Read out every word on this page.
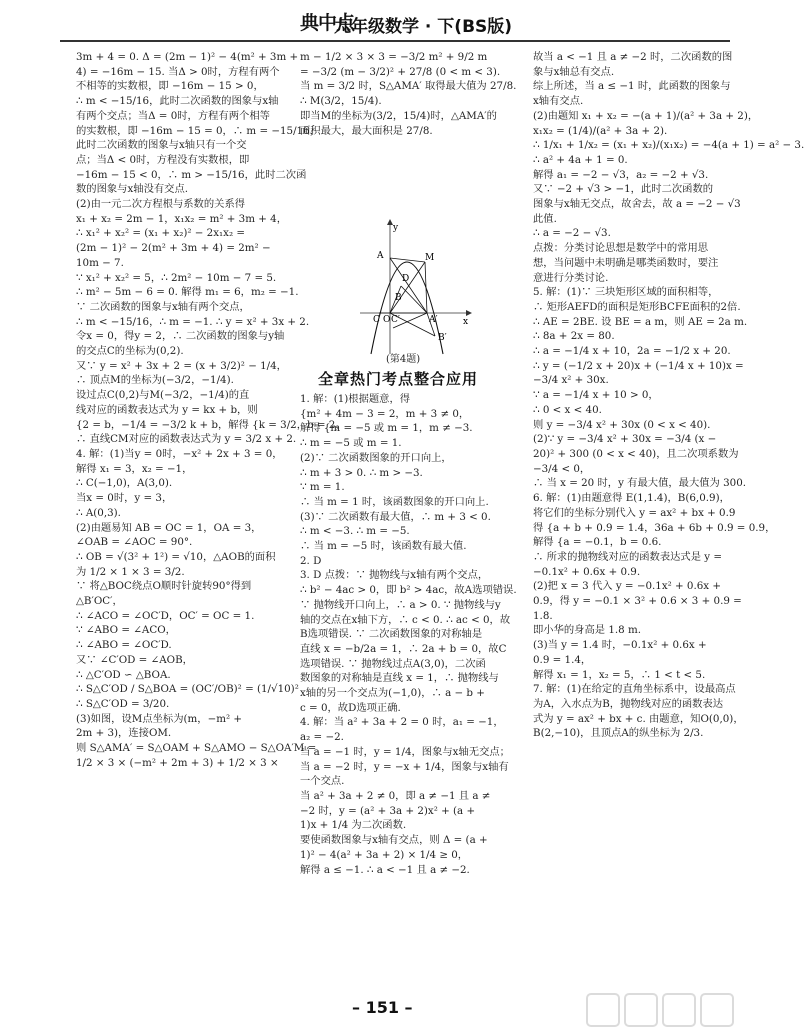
典中点
九年级数学 · 下(BS版)

3m + 4 = 0. Δ = (2m − 1)² − 4(m² + 3m +

4) = −16m − 15. 当Δ > 0时，方程有两个

不相等的实数根，即 −16m − 15 > 0，

∴ m < −15/16，此时二次函数的图象与x轴

有两个交点；当Δ = 0时，方程有两个相等

的实数根，即 −16m − 15 = 0，∴ m = −15/16，

此时二次函数的图象与x轴只有一个交

点；当Δ < 0时，方程没有实数根，即

−16m − 15 < 0，∴ m > −15/16，此时二次函

数的图象与x轴没有交点.

(2)由一元二次方程根与系数的关系得

x₁ + x₂ = 2m − 1，x₁x₂ = m² + 3m + 4，

∴ x₁² + x₂² = (x₁ + x₂)² − 2x₁x₂ =

(2m − 1)² − 2(m² + 3m + 4) = 2m² −

10m − 7.

∵ x₁² + x₂² = 5，∴ 2m² − 10m − 7 = 5.

∴ m² − 5m − 6 = 0. 解得 m₁ = 6，m₂ = −1.

∵ 二次函数的图象与x轴有两个交点，

∴ m < −15/16，∴ m = −1. ∴ y = x² + 3x + 2.

令x = 0，得y = 2，∴ 二次函数的图象与y轴

的交点C的坐标为(0,2).

又∵ y = x² + 3x + 2 = (x + 3/2)² − 1/4，

∴ 顶点M的坐标为(−3/2，−1/4).

设过点C(0,2)与M(−3/2，−1/4)的直

线对应的函数表达式为 y = kx + b，则

{2 = b，−1/4 = −3/2 k + b，解得 {k = 3/2，b = 2，

∴ 直线CM对应的函数表达式为 y = 3/2 x + 2.

4. 解：(1)当y = 0时，−x² + 2x + 3 = 0，

解得 x₁ = 3，x₂ = −1，

∴ C(−1,0)，A(3,0).

当x = 0时，y = 3，

∴ A(0,3).

(2)由题易知 AB = OC = 1，OA = 3，

∠OAB = ∠AOC = 90°.

∴ OB = √(3² + 1²) = √10，△AOB的面积

为 1/2 × 1 × 3 = 3/2.

∵ 将△BOC绕点O顺时针旋转90°得到

△B′OC′，

∴ ∠ACO = ∠OC′D，OC′ = OC = 1.

∵ ∠ABO = ∠ACO，

∴ ∠ABO = ∠OC′D.

又∵ ∠C′OD = ∠AOB，

∴ △C′OD ∽ △BOA.

∴ S△C′OD / S△BOA = (OC′/OB)² = (1/√10)²

∴ S△C′OD = 3/20.

(3)如图，设M点坐标为(m，−m² +

2m + 3)，连接OM.

则 S△AMA′ = S△OAM + S△AMO − S△OA′M =

1/2 × 3 × (−m² + 2m + 3) + 1/2 × 3 ×

m − 1/2 × 3 × 3 = −3/2 m² + 9/2 m

= −3/2 (m − 3/2)² + 27/8 (0 < m < 3).

当 m = 3/2 时，S△AMA′ 取得最大值为 27/8.

∴ M(3/2，15/4).

即当M的坐标为(3/2，15/4)时，△AMA′的

面积最大，最大面积是 27/8.

y
x
A	M
D
B
C O C′	A′
B′
(第4题)
全章热门考点整合应用

1. 解：(1)根据题意，得

{m² + 4m − 3 = 2，m + 3 ≠ 0，

解得 {m = −5 或 m = 1，m ≠ −3.

∴ m = −5 或 m = 1.

(2)∵ 二次函数图象的开口向上，

∴ m + 3 > 0. ∴ m > −3.

∵ m = 1.

∴ 当 m = 1 时，该函数图象的开口向上.

(3)∵ 二次函数有最大值，∴ m + 3 < 0.

∴ m < −3. ∴ m = −5.

∴ 当 m = −5 时，该函数有最大值.

2. D

3. D 点拨：∵ 抛物线与x轴有两个交点，

∴ b² − 4ac > 0，即 b² > 4ac，故A选项错误.

∵ 抛物线开口向上，∴ a > 0. ∵ 抛物线与y

轴的交点在x轴下方，∴ c < 0. ∴ ac < 0，故

B选项错误. ∵ 二次函数图象的对称轴是

直线 x = −b/2a = 1，∴ 2a + b = 0，故C

选项错误. ∵ 抛物线过点A(3,0)，二次函

数图象的对称轴是直线 x = 1，∴ 抛物线与

x轴的另一个交点为(−1,0)，∴ a − b +

c = 0，故D选项正确.

4. 解：当 a² + 3a + 2 = 0 时，a₁ = −1，

a₂ = −2.

当 a = −1 时，y = 1/4，图象与x轴无交点；

当 a = −2 时，y = −x + 1/4，图象与x轴有

一个交点.

当 a² + 3a + 2 ≠ 0，即 a ≠ −1 且 a ≠

−2 时，y = (a² + 3a + 2)x² + (a +

1)x + 1/4 为二次函数.

要使函数图象与x轴有交点，则 Δ = (a +

1)² − 4(a² + 3a + 2) × 1/4 ≥ 0，

解得 a ≤ −1. ∴ a < −1 且 a ≠ −2.

故当 a < −1 且 a ≠ −2 时，二次函数的图

象与x轴总有交点.

综上所述，当 a ≤ −1 时，此函数的图象与

x轴有交点.

(2)由题知 x₁ + x₂ = −(a + 1)/(a² + 3a + 2)，

x₁x₂ = (1/4)/(a² + 3a + 2).

∴ 1/x₁ + 1/x₂ = (x₁ + x₂)/(x₁x₂) = −4(a + 1) = a² − 3.

∴ a² + 4a + 1 = 0.

解得 a₁ = −2 − √3，a₂ = −2 + √3.

又∵ −2 + √3 > −1，此时二次函数的

图象与x轴无交点，故舍去，故 a = −2 − √3

此值.

∴ a = −2 − √3.

点拨：分类讨论思想是数学中的常用思

想，当问题中未明确是哪类函数时，要注

意进行分类讨论.

5. 解：(1)∵ 三块矩形区域的面积相等，

∴ 矩形AEFD的面积是矩形BCFE面积的2倍.

∴ AE = 2BE. 设 BE = a m，则 AE = 2a m.

∴ 8a + 2x = 80.

∴ a = −1/4 x + 10，2a = −1/2 x + 20.

∴ y = (−1/2 x + 20)x + (−1/4 x + 10)x =

−3/4 x² + 30x.

∵ a = −1/4 x + 10 > 0，

∴ 0 < x < 40.

则 y = −3/4 x² + 30x (0 < x < 40).

(2)∵ y = −3/4 x² + 30x = −3/4 (x −

20)² + 300 (0 < x < 40)，且二次项系数为

−3/4 < 0，

∴ 当 x = 20 时，y 有最大值，最大值为 300.

6. 解：(1)由题意得 E(1,1.4)，B(6,0.9)，

将它们的坐标分别代入 y = ax² + bx + 0.9

得 {a + b + 0.9 = 1.4，36a + 6b + 0.9 = 0.9，

解得 {a = −0.1，b = 0.6.

∴ 所求的抛物线对应的函数表达式是 y =

−0.1x² + 0.6x + 0.9.

(2)把 x = 3 代入 y = −0.1x² + 0.6x +

0.9，得 y = −0.1 × 3² + 0.6 × 3 + 0.9 =

1.8.

即小华的身高是 1.8 m.

(3)当 y = 1.4 时，−0.1x² + 0.6x +

0.9 = 1.4，

解得 x₁ = 1，x₂ = 5，∴ 1 < t < 5.

7. 解：(1)在给定的直角坐标系中，设最高点

为A，入水点为B，抛物线对应的函数表达

式为 y = ax² + bx + c. 由题意，知O(0,0)，

B(2,−10)，且顶点A的纵坐标为 2/3.

– 151 –
